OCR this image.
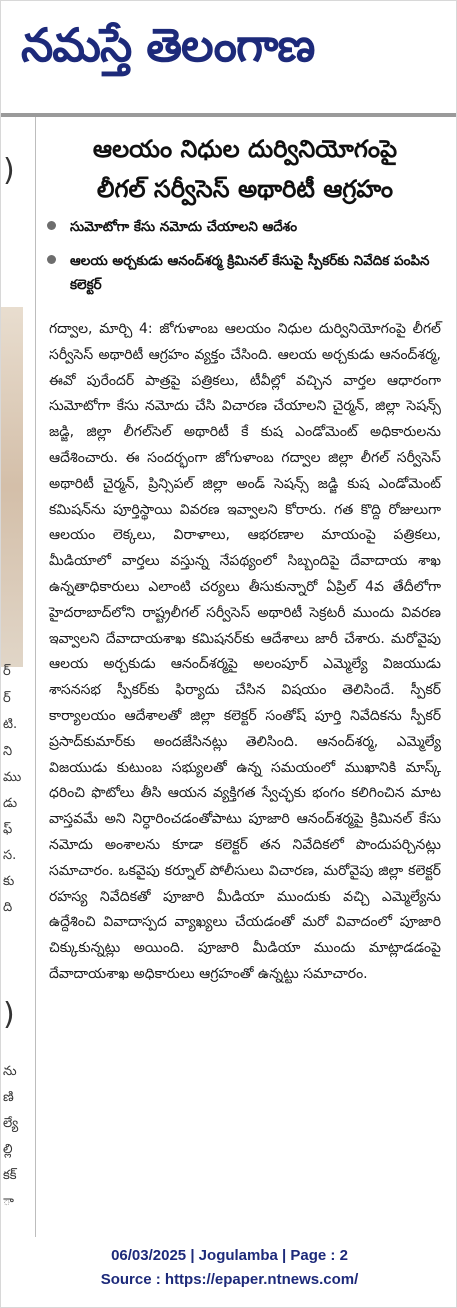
నమస్తే తెలంగాణ
)
ర్
ర్
టి.
ని
ము
డు
ఫ్
స.
కు
ది
)
ను
ణి
ల్యే
ల్లి
కక్
ా
ఆలయం నిధుల దుర్వినియోగంపై
లీగల్ సర్వీసెస్ అథారిటీ ఆగ్రహం
సుమోటోగా కేసు నమోదు చేయాలని ఆదేశం
ఆలయ అర్చకుడు ఆనంద్‌శర్మ క్రిమినల్ కేసుపై స్పీకర్‌కు నివేదిక పంపిన కలెక్టర్
గద్వాల, మార్చి 4: జోగుళాంబ ఆలయం నిధుల దుర్వినియోగంపై లీగల్ సర్వీసెస్ అథారిటీ ఆగ్రహం వ్యక్తం చేసింది. ఆలయ అర్చకుడు ఆనంద్‌శర్మ, ఈవో పురేందర్ పాత్రపై పత్రికలు, టీవీల్లో వచ్చిన వార్తల ఆధారంగా సుమోటోగా కేసు నమోదు చేసి విచారణ చేయాలని చైర్మన్, జిల్లా సెషన్స్ జడ్జి, జిల్లా లీగల్‌సెల్ అథారిటీ కే కుష ఎండోమెంట్ అధికారులను ఆదేశించారు. ఈ సందర్భంగా జోగుళాంబ గద్వాల జిల్లా లీగల్ సర్వీసెస్ అథారిటీ చైర్మన్, ప్రిన్సిపల్ జిల్లా అండ్ సెషన్స్ జడ్జి కుష ఎండోమెంట్ కమిషన్‌ను పూర్తిస్థాయి వివరణ ఇవ్వాలని కోరారు. గత కొద్ది రోజులుగా ఆలయం లెక్కలు, విరాళాలు, ఆభరణాల మాయంపై పత్రికలు, మీడియాలో వార్తలు వస్తున్న నేపథ్యంలో సిబ్బందిపై దేవాదాయ శాఖ ఉన్నతాధికారులు ఎలాంటి చర్యలు తీసుకున్నారో ఏప్రిల్ 4వ తేదీలోగా హైదరాబాద్‌లోని రాష్ట్రలీగల్ సర్వీసెస్ అథారిటీ సెక్రటరీ ముందు వివరణ ఇవ్వాలని దేవాదాయశాఖ కమిషనర్‌కు ఆదేశాలు జారీ చేశారు. మరోవైపు ఆలయ అర్చకుడు ఆనంద్‌శర్మపై అలంపూర్ ఎమ్మెల్యే విజయుడు శాసనసభ స్పీకర్‌కు ఫిర్యాదు చేసిన విషయం తెలిసిందే. స్పీకర్ కార్యాలయం ఆదేశాలతో జిల్లా కలెక్టర్ సంతోష్ పూర్తి నివేదికను స్పీకర్ ప్రసాద్‌కుమార్‌కు అందజేసినట్లు తెలిసింది. ఆనంద్‌శర్మ, ఎమ్మెల్యే విజయుడు కుటుంబ సభ్యులతో ఉన్న సమయంలో ముఖానికి మాస్క్ ధరించి ఫొటోలు తీసి ఆయన వ్యక్తిగత స్వేచ్ఛకు భంగం కలిగించిన మాట వాస్తవమే అని నిర్ధారించడంతోపాటు పూజారి ఆనంద్‌శర్మపై క్రిమినల్ కేసు నమోదు అంశాలను కూడా కలెక్టర్ తన నివేదికలో పొందుపర్చినట్లు సమాచారం. ఒకవైపు కర్నూల్ పోలీసులు విచారణ, మరోవైపు జిల్లా కలెక్టర్ రహస్య నివేదికతో పూజారి మీడియా ముందుకు వచ్చి ఎమ్మెల్యేను ఉద్దేశించి వివాదాస్పద వ్యాఖ్యలు చేయడంతో మరో వివాదంలో పూజారి చిక్కుకున్నట్లు అయింది. పూజారి మీడియా ముందు మాట్లాడడంపై దేవాదాయశాఖ అధికారులు ఆగ్రహంతో ఉన్నట్టు సమాచారం.
06/03/2025 | Jogulamba | Page : 2
Source : https://epaper.ntnews.com/
